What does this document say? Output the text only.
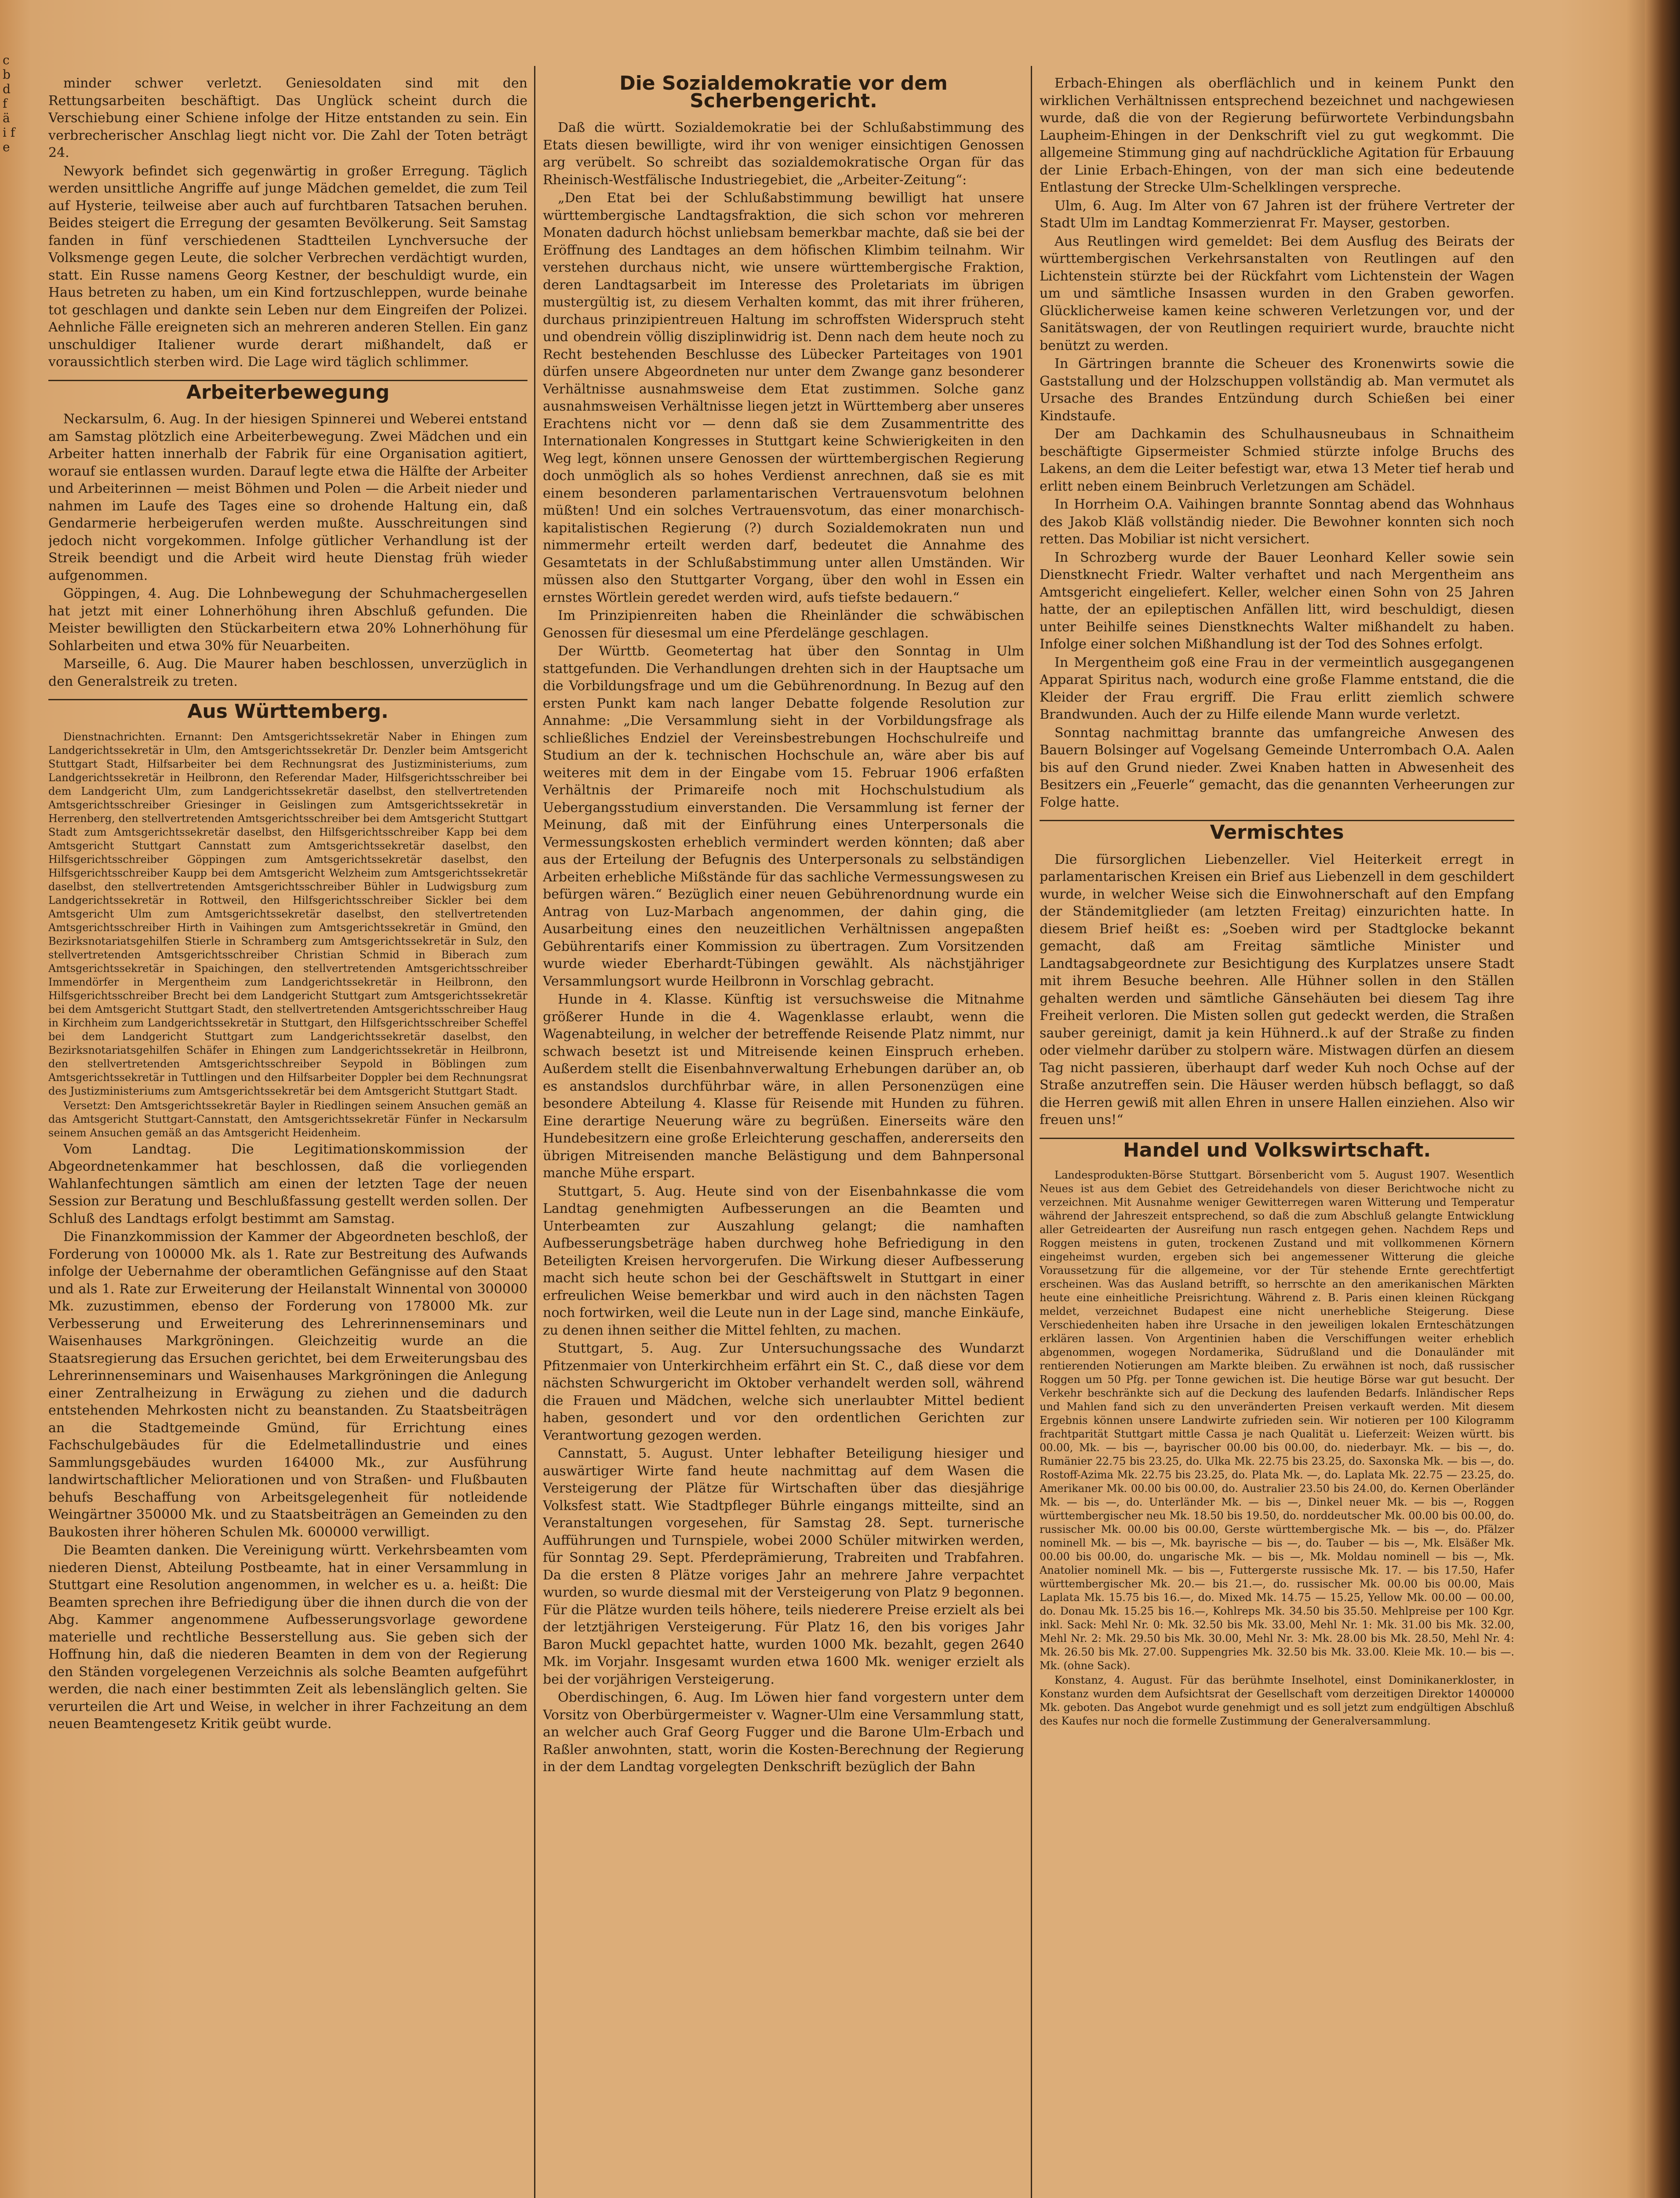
c b d f ä i f e

minder schwer verletzt. Geniesoldaten sind mit den Rettungsarbeiten beschäftigt. Das Unglück scheint durch die Verschiebung einer Schiene infolge der Hitze entstanden zu sein. Ein verbrecherischer Anschlag liegt nicht vor. Die Zahl der Toten beträgt 24.

Newyork befindet sich gegenwärtig in großer Erregung. Täglich werden unsittliche Angriffe auf junge Mädchen gemeldet, die zum Teil auf Hysterie, teilweise aber auch auf furchtbaren Tatsachen beruhen. Beides steigert die Erregung der gesamten Bevölkerung. Seit Samstag fanden in fünf verschiedenen Stadtteilen Lynchversuche der Volksmenge gegen Leute, die solcher Verbrechen verdächtigt wurden, statt. Ein Russe namens Georg Kestner, der beschuldigt wurde, ein Haus betreten zu haben, um ein Kind fortzuschleppen, wurde beinahe tot geschlagen und dankte sein Leben nur dem Eingreifen der Polizei. Aehnliche Fälle ereigneten sich an mehreren anderen Stellen. Ein ganz unschuldiger Italiener wurde derart mißhandelt, daß er voraussichtlich sterben wird. Die Lage wird täglich schlimmer.

Arbeiterbewegung

Neckarsulm, 6. Aug. In der hiesigen Spinnerei und Weberei entstand am Samstag plötzlich eine Arbeiterbewegung. Zwei Mädchen und ein Arbeiter hatten innerhalb der Fabrik für eine Organisation agitiert, worauf sie entlassen wurden. Darauf legte etwa die Hälfte der Arbeiter und Arbeiterinnen — meist Böhmen und Polen — die Arbeit nieder und nahmen im Laufe des Tages eine so drohende Haltung ein, daß Gendarmerie herbeigerufen werden mußte. Ausschreitungen sind jedoch nicht vorgekommen. Infolge gütlicher Verhandlung ist der Streik beendigt und die Arbeit wird heute Dienstag früh wieder aufgenommen.

Göppingen, 4. Aug. Die Lohnbewegung der Schuhmachergesellen hat jetzt mit einer Lohnerhöhung ihren Abschluß gefunden. Die Meister bewilligten den Stückarbeitern etwa 20% Lohnerhöhung für Sohlarbeiten und etwa 30% für Neuarbeiten.

Marseille, 6. Aug. Die Maurer haben beschlossen, unverzüglich in den Generalstreik zu treten.

Aus Württemberg.

Dienstnachrichten. Ernannt: Den Amtsgerichtssekretär Naber in Ehingen zum Landgerichtssekretär in Ulm, den Amtsgerichtssekretär Dr. Denzler beim Amtsgericht Stuttgart Stadt, Hilfsarbeiter bei dem Rechnungsrat des Justizministeriums, zum Landgerichtssekretär in Heilbronn, den Referendar Mader, Hilfsgerichtsschreiber bei dem Landgericht Ulm, zum Landgerichtssekretär daselbst, den stellvertretenden Amtsgerichtsschreiber Griesinger in Geislingen zum Amtsgerichtssekretär in Herrenberg, den stellvertretenden Amtsgerichtsschreiber bei dem Amtsgericht Stuttgart Stadt zum Amtsgerichtssekretär daselbst, den Hilfsgerichtsschreiber Kapp bei dem Amtsgericht Stuttgart Cannstatt zum Amtsgerichtssekretär daselbst, den Hilfsgerichtsschreiber Göppingen zum Amtsgerichtssekretär daselbst, den Hilfsgerichtsschreiber Kaupp bei dem Amtsgericht Welzheim zum Amtsgerichtssekretär daselbst, den stellvertretenden Amtsgerichtsschreiber Bühler in Ludwigsburg zum Landgerichtssekretär in Rottweil, den Hilfsgerichtsschreiber Sickler bei dem Amtsgericht Ulm zum Amtsgerichtssekretär daselbst, den stellvertretenden Amtsgerichtsschreiber Hirth in Vaihingen zum Amtsgerichtssekretär in Gmünd, den Bezirksnotariatsgehilfen Stierle in Schramberg zum Amtsgerichtssekretär in Sulz, den stellvertretenden Amtsgerichtsschreiber Christian Schmid in Biberach zum Amtsgerichtssekretär in Spaichingen, den stellvertretenden Amtsgerichtsschreiber Immendörfer in Mergentheim zum Landgerichtssekretär in Heilbronn, den Hilfsgerichtsschreiber Brecht bei dem Landgericht Stuttgart zum Amtsgerichtssekretär bei dem Amtsgericht Stuttgart Stadt, den stellvertretenden Amtsgerichtsschreiber Haug in Kirchheim zum Landgerichtssekretär in Stuttgart, den Hilfsgerichtsschreiber Scheffel bei dem Landgericht Stuttgart zum Landgerichtssekretär daselbst, den Bezirksnotariatsgehilfen Schäfer in Ehingen zum Landgerichtssekretär in Heilbronn, den stellvertretenden Amtsgerichtsschreiber Seypold in Böblingen zum Amtsgerichtssekretär in Tuttlingen und den Hilfsarbeiter Doppler bei dem Rechnungsrat des Justizministeriums zum Amtsgerichtssekretär bei dem Amtsgericht Stuttgart Stadt.

Versetzt: Den Amtsgerichtssekretär Bayler in Riedlingen seinem Ansuchen gemäß an das Amtsgericht Stuttgart-Cannstatt, den Amtsgerichtssekretär Fünfer in Neckarsulm seinem Ansuchen gemäß an das Amtsgericht Heidenheim.

Vom Landtag. Die Legitimationskommission der Abgeordnetenkammer hat beschlossen, daß die vorliegenden Wahlanfechtungen sämtlich am einen der letzten Tage der neuen Session zur Beratung und Beschlußfassung gestellt werden sollen. Der Schluß des Landtags erfolgt bestimmt am Samstag.

Die Finanzkommission der Kammer der Abgeordneten beschloß, der Forderung von 100000 Mk. als 1. Rate zur Bestreitung des Aufwands infolge der Uebernahme der oberamtlichen Gefängnisse auf den Staat und als 1. Rate zur Erweiterung der Heilanstalt Winnental von 300000 Mk. zuzustimmen, ebenso der Forderung von 178000 Mk. zur Verbesserung und Erweiterung des Lehrerinnenseminars und Waisenhauses Markgröningen. Gleichzeitig wurde an die Staatsregierung das Ersuchen gerichtet, bei dem Erweiterungsbau des Lehrerinnenseminars und Waisenhauses Markgröningen die Anlegung einer Zentralheizung in Erwägung zu ziehen und die dadurch entstehenden Mehrkosten nicht zu beanstanden. Zu Staatsbeiträgen an die Stadtgemeinde Gmünd, für Errichtung eines Fachschulgebäudes für die Edelmetallindustrie und eines Sammlungsgebäudes wurden 164000 Mk., zur Ausführung landwirtschaftlicher Meliorationen und von Straßen- und Flußbauten behufs Beschaffung von Arbeitsgelegenheit für notleidende Weingärtner 350000 Mk. und zu Staatsbeiträgen an Gemeinden zu den Baukosten ihrer höheren Schulen Mk. 600000 verwilligt.

Die Beamten danken. Die Vereinigung württ. Verkehrsbeamten vom niederen Dienst, Abteilung Postbeamte, hat in einer Versammlung in Stuttgart eine Resolution angenommen, in welcher es u. a. heißt: Die Beamten sprechen ihre Befriedigung über die ihnen durch die von der Abg. Kammer angenommene Aufbesserungsvorlage gewordene materielle und rechtliche Besserstellung aus. Sie geben sich der Hoffnung hin, daß die niederen Beamten in dem von der Regierung den Ständen vorgelegenen Verzeichnis als solche Beamten aufgeführt werden, die nach einer bestimmten Zeit als lebenslänglich gelten. Sie verurteilen die Art und Weise, in welcher in ihrer Fachzeitung an dem neuen Beamtengesetz Kritik geübt wurde.

Die Sozialdemokratie vor dem Scherbengericht.

Daß die württ. Sozialdemokratie bei der Schlußabstimmung des Etats diesen bewilligte, wird ihr von weniger einsichtigen Genossen arg verübelt. So schreibt das sozialdemokratische Organ für das Rheinisch-Westfälische Industriegebiet, die „Arbeiter-Zeitung“:

„Den Etat bei der Schlußabstimmung bewilligt hat unsere württembergische Landtagsfraktion, die sich schon vor mehreren Monaten dadurch höchst unliebsam bemerkbar machte, daß sie bei der Eröffnung des Landtages an dem höfischen Klimbim teilnahm. Wir verstehen durchaus nicht, wie unsere württembergische Fraktion, deren Landtagsarbeit im Interesse des Proletariats im übrigen mustergültig ist, zu diesem Verhalten kommt, das mit ihrer früheren, durchaus prinzipientreuen Haltung im schroffsten Widerspruch steht und obendrein völlig disziplinwidrig ist. Denn nach dem heute noch zu Recht bestehenden Beschlusse des Lübecker Parteitages von 1901 dürfen unsere Abgeordneten nur unter dem Zwange ganz besonderer Verhältnisse ausnahmsweise dem Etat zustimmen. Solche ganz ausnahmsweisen Verhältnisse liegen jetzt in Württemberg aber unseres Erachtens nicht vor — denn daß sie dem Zusammentritte des Internationalen Kongresses in Stuttgart keine Schwierigkeiten in den Weg legt, können unsere Genossen der württembergischen Regierung doch unmöglich als so hohes Verdienst anrechnen, daß sie es mit einem besonderen parlamentarischen Vertrauensvotum belohnen müßten! Und ein solches Vertrauensvotum, das einer monarchisch-kapitalistischen Regierung (?) durch Sozialdemokraten nun und nimmermehr erteilt werden darf, bedeutet die Annahme des Gesamtetats in der Schlußabstimmung unter allen Umständen. Wir müssen also den Stuttgarter Vorgang, über den wohl in Essen ein ernstes Wörtlein geredet werden wird, aufs tiefste bedauern.“

Im Prinzipienreiten haben die Rheinländer die schwäbischen Genossen für diesesmal um eine Pferdelänge geschlagen.

Der Württb. Geometertag hat über den Sonntag in Ulm stattgefunden. Die Verhandlungen drehten sich in der Hauptsache um die Vorbildungsfrage und um die Gebührenordnung. In Bezug auf den ersten Punkt kam nach langer Debatte folgende Resolution zur Annahme: „Die Versammlung sieht in der Vorbildungsfrage als schließliches Endziel der Vereinsbestrebungen Hochschulreife und Studium an der k. technischen Hochschule an, wäre aber bis auf weiteres mit dem in der Eingabe vom 15. Februar 1906 erfaßten Verhältnis der Primareife noch mit Hochschulstudium als Uebergangsstudium einverstanden. Die Versammlung ist ferner der Meinung, daß mit der Einführung eines Unterpersonals die Vermessungskosten erheblich vermindert werden könnten; daß aber aus der Erteilung der Befugnis des Unterpersonals zu selbständigen Arbeiten erhebliche Mißstände für das sachliche Vermessungswesen zu befürgen wären.“ Bezüglich einer neuen Gebührenordnung wurde ein Antrag von Luz-Marbach angenommen, der dahin ging, die Ausarbeitung eines den neuzeitlichen Verhältnissen angepaßten Gebührentarifs einer Kommission zu übertragen. Zum Vorsitzenden wurde wieder Eberhardt-Tübingen gewählt. Als nächstjähriger Versammlungsort wurde Heilbronn in Vorschlag gebracht.

Hunde in 4. Klasse. Künftig ist versuchsweise die Mitnahme größerer Hunde in die 4. Wagenklasse erlaubt, wenn die Wagenabteilung, in welcher der betreffende Reisende Platz nimmt, nur schwach besetzt ist und Mitreisende keinen Einspruch erheben. Außerdem stellt die Eisenbahnverwaltung Erhebungen darüber an, ob es anstandslos durchführbar wäre, in allen Personenzügen eine besondere Abteilung 4. Klasse für Reisende mit Hunden zu führen. Eine derartige Neuerung wäre zu begrüßen. Einerseits wäre den Hundebesitzern eine große Erleichterung geschaffen, andererseits den übrigen Mitreisenden manche Belästigung und dem Bahnpersonal manche Mühe erspart.

Stuttgart, 5. Aug. Heute sind von der Eisenbahnkasse die vom Landtag genehmigten Aufbesserungen an die Beamten und Unterbeamten zur Auszahlung gelangt; die namhaften Aufbesserungsbeträge haben durchweg hohe Befriedigung in den Beteiligten Kreisen hervorgerufen. Die Wirkung dieser Aufbesserung macht sich heute schon bei der Geschäftswelt in Stuttgart in einer erfreulichen Weise bemerkbar und wird auch in den nächsten Tagen noch fortwirken, weil die Leute nun in der Lage sind, manche Einkäufe, zu denen ihnen seither die Mittel fehlten, zu machen.

Stuttgart, 5. Aug. Zur Untersuchungssache des Wundarzt Pfitzenmaier von Unterkirchheim erfährt ein St. C., daß diese vor dem nächsten Schwurgericht im Oktober verhandelt werden soll, während die Frauen und Mädchen, welche sich unerlaubter Mittel bedient haben, gesondert und vor den ordentlichen Gerichten zur Verantwortung gezogen werden.

Cannstatt, 5. August. Unter lebhafter Beteiligung hiesiger und auswärtiger Wirte fand heute nachmittag auf dem Wasen die Versteigerung der Plätze für Wirtschaften über das diesjährige Volksfest statt. Wie Stadtpfleger Bührle eingangs mitteilte, sind an Veranstaltungen vorgesehen, für Samstag 28. Sept. turnerische Aufführungen und Turnspiele, wobei 2000 Schüler mitwirken werden, für Sonntag 29. Sept. Pferdeprämierung, Trabreiten und Trabfahren. Da die ersten 8 Plätze voriges Jahr an mehrere Jahre verpachtet wurden, so wurde diesmal mit der Versteigerung von Platz 9 begonnen. Für die Plätze wurden teils höhere, teils niederere Preise erzielt als bei der letztjährigen Versteigerung. Für Platz 16, den bis voriges Jahr Baron Muckl gepachtet hatte, wurden 1000 Mk. bezahlt, gegen 2640 Mk. im Vorjahr. Insgesamt wurden etwa 1600 Mk. weniger erzielt als bei der vorjährigen Versteigerung.

Oberdischingen, 6. Aug. Im Löwen hier fand vorgestern unter dem Vorsitz von Oberbürgermeister v. Wagner-Ulm eine Versammlung statt, an welcher auch Graf Georg Fugger und die Barone Ulm-Erbach und Raßler anwohnten, statt, worin die Kosten-Berechnung der Regierung in der dem Landtag vorgelegten Denkschrift bezüglich der Bahn

Erbach-Ehingen als oberflächlich und in keinem Punkt den wirklichen Verhältnissen entsprechend bezeichnet und nachgewiesen wurde, daß die von der Regierung befürwortete Verbindungsbahn Laupheim-Ehingen in der Denkschrift viel zu gut wegkommt. Die allgemeine Stimmung ging auf nachdrückliche Agitation für Erbauung der Linie Erbach-Ehingen, von der man sich eine bedeutende Entlastung der Strecke Ulm-Schelklingen verspreche.

Ulm, 6. Aug. Im Alter von 67 Jahren ist der frühere Vertreter der Stadt Ulm im Landtag Kommerzienrat Fr. Mayser, gestorben.

Aus Reutlingen wird gemeldet: Bei dem Ausflug des Beirats der württembergischen Verkehrsanstalten von Reutlingen auf den Lichtenstein stürzte bei der Rückfahrt vom Lichtenstein der Wagen um und sämtliche Insassen wurden in den Graben geworfen. Glücklicherweise kamen keine schweren Verletzungen vor, und der Sanitätswagen, der von Reutlingen requiriert wurde, brauchte nicht benützt zu werden.

In Gärtringen brannte die Scheuer des Kronenwirts sowie die Gaststallung und der Holzschuppen vollständig ab. Man vermutet als Ursache des Brandes Entzündung durch Schießen bei einer Kindstaufe.

Der am Dachkamin des Schulhausneubaus in Schnaitheim beschäftigte Gipsermeister Schmied stürzte infolge Bruchs des Lakens, an dem die Leiter befestigt war, etwa 13 Meter tief herab und erlitt neben einem Beinbruch Verletzungen am Schädel.

In Horrheim O.A. Vaihingen brannte Sonntag abend das Wohnhaus des Jakob Kläß vollständig nieder. Die Bewohner konnten sich noch retten. Das Mobiliar ist nicht versichert.

In Schrozberg wurde der Bauer Leonhard Keller sowie sein Dienstknecht Friedr. Walter verhaftet und nach Mergentheim ans Amtsgericht eingeliefert. Keller, welcher einen Sohn von 25 Jahren hatte, der an epileptischen Anfällen litt, wird beschuldigt, diesen unter Beihilfe seines Dienstknechts Walter mißhandelt zu haben. Infolge einer solchen Mißhandlung ist der Tod des Sohnes erfolgt.

In Mergentheim goß eine Frau in der vermeintlich ausgegangenen Apparat Spiritus nach, wodurch eine große Flamme entstand, die die Kleider der Frau ergriff. Die Frau erlitt ziemlich schwere Brandwunden. Auch der zu Hilfe eilende Mann wurde verletzt.

Sonntag nachmittag brannte das umfangreiche Anwesen des Bauern Bolsinger auf Vogelsang Gemeinde Unterrombach O.A. Aalen bis auf den Grund nieder. Zwei Knaben hatten in Abwesenheit des Besitzers ein „Feuerle“ gemacht, das die genannten Verheerungen zur Folge hatte.

Vermischtes

Die fürsorglichen Liebenzeller. Viel Heiterkeit erregt in parlamentarischen Kreisen ein Brief aus Liebenzell in dem geschildert wurde, in welcher Weise sich die Einwohnerschaft auf den Empfang der Ständemitglieder (am letzten Freitag) einzurichten hatte. In diesem Brief heißt es: „Soeben wird per Stadtglocke bekannt gemacht, daß am Freitag sämtliche Minister und Landtagsabgeordnete zur Besichtigung des Kurplatzes unsere Stadt mit ihrem Besuche beehren. Alle Hühner sollen in den Ställen gehalten werden und sämtliche Gänsehäuten bei diesem Tag ihre Freiheit verloren. Die Misten sollen gut gedeckt werden, die Straßen sauber gereinigt, damit ja kein Hühnerd..k auf der Straße zu finden oder vielmehr darüber zu stolpern wäre. Mistwagen dürfen an diesem Tag nicht passieren, überhaupt darf weder Kuh noch Ochse auf der Straße anzutreffen sein. Die Häuser werden hübsch beflaggt, so daß die Herren gewiß mit allen Ehren in unsere Hallen einziehen. Also wir freuen uns!“

Handel und Volkswirtschaft.

Landesprodukten-Börse Stuttgart. Börsenbericht vom 5. August 1907. Wesentlich Neues ist aus dem Gebiet des Getreidehandels von dieser Berichtwoche nicht zu verzeichnen. Mit Ausnahme weniger Gewitterregen waren Witterung und Temperatur während der Jahreszeit entsprechend, so daß die zum Abschluß gelangte Entwicklung aller Getreidearten der Ausreifung nun rasch entgegen gehen. Nachdem Reps und Roggen meistens in guten, trockenen Zustand und mit vollkommenen Körnern eingeheimst wurden, ergeben sich bei angemessener Witterung die gleiche Voraussetzung für die allgemeine, vor der Tür stehende Ernte gerechtfertigt erscheinen. Was das Ausland betrifft, so herrschte an den amerikanischen Märkten heute eine einheitliche Preisrichtung. Während z. B. Paris einen kleinen Rückgang meldet, verzeichnet Budapest eine nicht unerhebliche Steigerung. Diese Verschiedenheiten haben ihre Ursache in den jeweiligen lokalen Ernteschätzungen erklären lassen. Von Argentinien haben die Verschiffungen weiter erheblich abgenommen, wogegen Nordamerika, Südrußland und die Donauländer mit rentierenden Notierungen am Markte bleiben. Zu erwähnen ist noch, daß russischer Roggen um 50 Pfg. per Tonne gewichen ist. Die heutige Börse war gut besucht. Der Verkehr beschränkte sich auf die Deckung des laufenden Bedarfs. Inländischer Reps und Mahlen fand sich zu den unveränderten Preisen verkauft werden. Mit diesem Ergebnis können unsere Landwirte zufrieden sein. Wir notieren per 100 Kilogramm frachtparität Stuttgart mittle Cassa je nach Qualität u. Lieferzeit: Weizen württ. bis 00.00, Mk. — bis —, bayrischer 00.00 bis 00.00, do. niederbayr. Mk. — bis —, do. Rumänier 22.75 bis 23.25, do. Ulka Mk. 22.75 bis 23.25, do. Saxonska Mk. — bis —, do. Rostoff-Azima Mk. 22.75 bis 23.25, do. Plata Mk. —, do. Laplata Mk. 22.75 — 23.25, do. Amerikaner Mk. 00.00 bis 00.00, do. Australier 23.50 bis 24.00, do. Kernen Oberländer Mk. — bis —, do. Unterländer Mk. — bis —, Dinkel neuer Mk. — bis —, Roggen württembergischer neu Mk. 18.50 bis 19.50, do. norddeutscher Mk. 00.00 bis 00.00, do. russischer Mk. 00.00 bis 00.00, Gerste württembergische Mk. — bis —, do. Pfälzer nominell Mk. — bis —, Mk. bayrische — bis —, do. Tauber — bis —, Mk. Elsäßer Mk. 00.00 bis 00.00, do. ungarische Mk. — bis —, Mk. Moldau nominell — bis —, Mk. Anatolier nominell Mk. — bis —, Futtergerste russische Mk. 17. — bis 17.50, Hafer württembergischer Mk. 20.— bis 21.—, do. russischer Mk. 00.00 bis 00.00, Mais Laplata Mk. 15.75 bis 16.—, do. Mixed Mk. 14.75 — 15.25, Yellow Mk. 00.00 — 00.00, do. Donau Mk. 15.25 bis 16.—, Kohlreps Mk. 34.50 bis 35.50. Mehlpreise per 100 Kgr. inkl. Sack: Mehl Nr. 0: Mk. 32.50 bis Mk. 33.00, Mehl Nr. 1: Mk. 31.00 bis Mk. 32.00, Mehl Nr. 2: Mk. 29.50 bis Mk. 30.00, Mehl Nr. 3: Mk. 28.00 bis Mk. 28.50, Mehl Nr. 4: Mk. 26.50 bis Mk. 27.00. Suppengries Mk. 32.50 bis Mk. 33.00. Kleie Mk. 10.— bis —. Mk. (ohne Sack).

Konstanz, 4. August. Für das berühmte Inselhotel, einst Dominikanerkloster, in Konstanz wurden dem Aufsichtsrat der Gesellschaft vom derzeitigen Direktor 1400000 Mk. geboten. Das Angebot wurde genehmigt und es soll jetzt zum endgültigen Abschluß des Kaufes nur noch die formelle Zustimmung der Generalversammlung.
